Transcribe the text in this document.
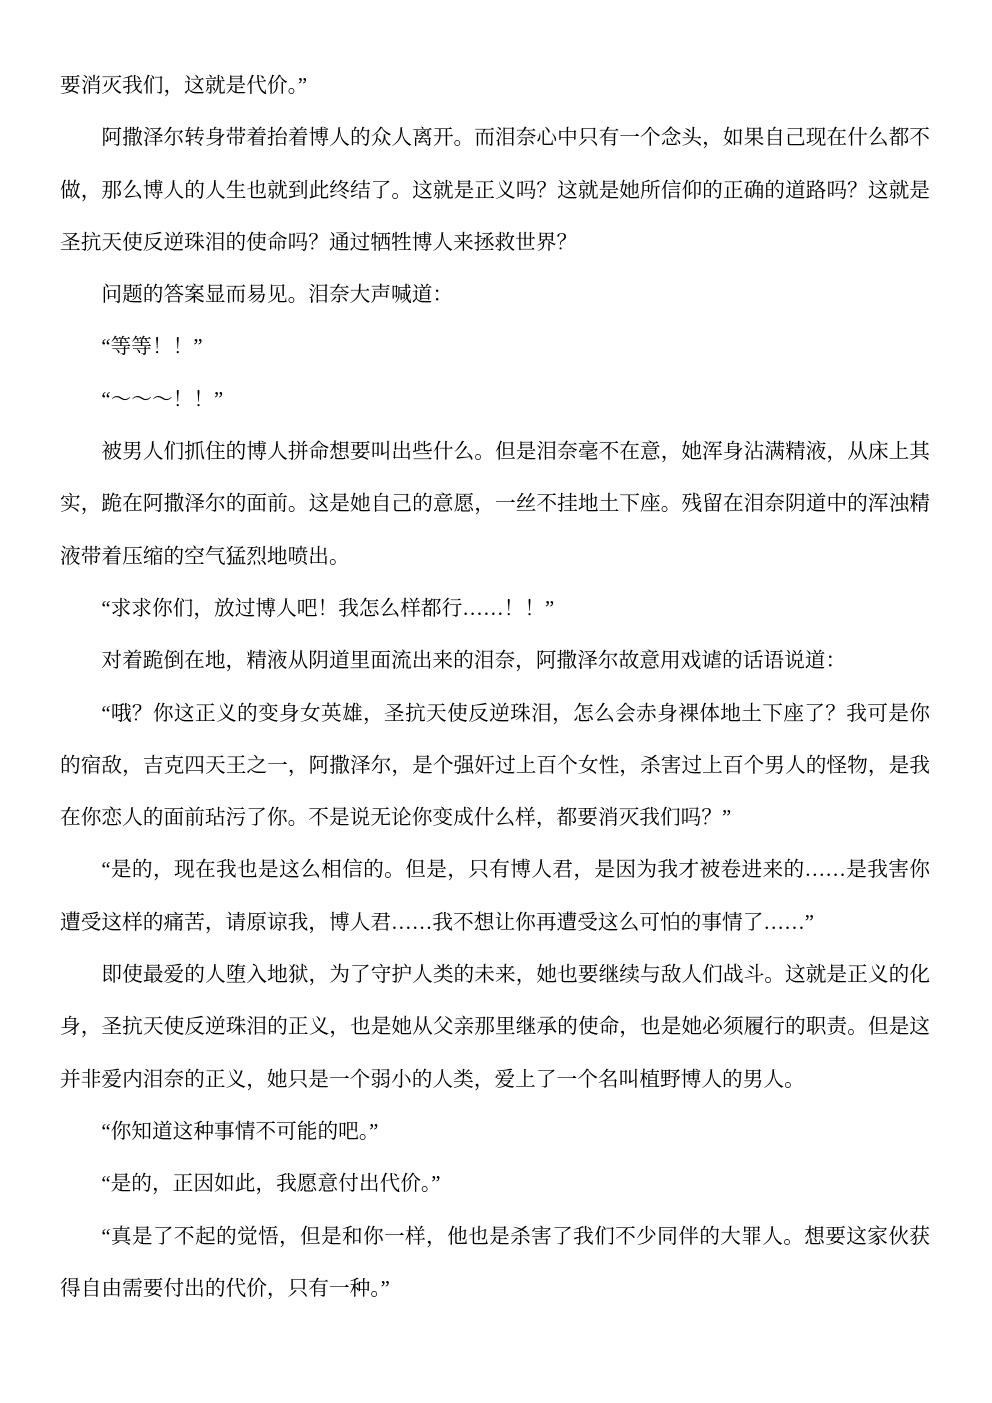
要消灭我们，这就是代价。”

阿撒泽尔转身带着抬着博人的众人离开。而泪奈心中只有一个念头，如果自己现在什么都不做，那么博人的人生也就到此终结了。这就是正义吗？这就是她所信仰的正确的道路吗？这就是圣抗天使反逆珠泪的使命吗？通过牺牲博人来拯救世界？

问题的答案显而易见。泪奈大声喊道：

“等等！！”

“～～～！！”

被男人们抓住的博人拼命想要叫出些什么。但是泪奈毫不在意，她浑身沾满精液，从床上其实，跪在阿撒泽尔的面前。这是她自己的意愿，一丝不挂地土下座。残留在泪奈阴道中的浑浊精液带着压缩的空气猛烈地喷出。

“求求你们，放过博人吧！我怎么样都行……！！”

对着跪倒在地，精液从阴道里面流出来的泪奈，阿撒泽尔故意用戏谑的话语说道：

“哦？你这正义的变身女英雄，圣抗天使反逆珠泪，怎么会赤身裸体地土下座了？我可是你的宿敌，吉克四天王之一，阿撒泽尔，是个强奸过上百个女性，杀害过上百个男人的怪物，是我在你恋人的面前玷污了你。不是说无论你变成什么样，都要消灭我们吗？”

“是的，现在我也是这么相信的。但是，只有博人君，是因为我才被卷进来的……是我害你遭受这样的痛苦，请原谅我，博人君……我不想让你再遭受这么可怕的事情了……”

即使最爱的人堕入地狱，为了守护人类的未来，她也要继续与敌人们战斗。这就是正义的化身，圣抗天使反逆珠泪的正义，也是她从父亲那里继承的使命，也是她必须履行的职责。但是这并非爱内泪奈的正义，她只是一个弱小的人类，爱上了一个名叫植野博人的男人。

“你知道这种事情不可能的吧。”

“是的，正因如此，我愿意付出代价。”

“真是了不起的觉悟，但是和你一样，他也是杀害了我们不少同伴的大罪人。想要这家伙获得自由需要付出的代价，只有一种。”
